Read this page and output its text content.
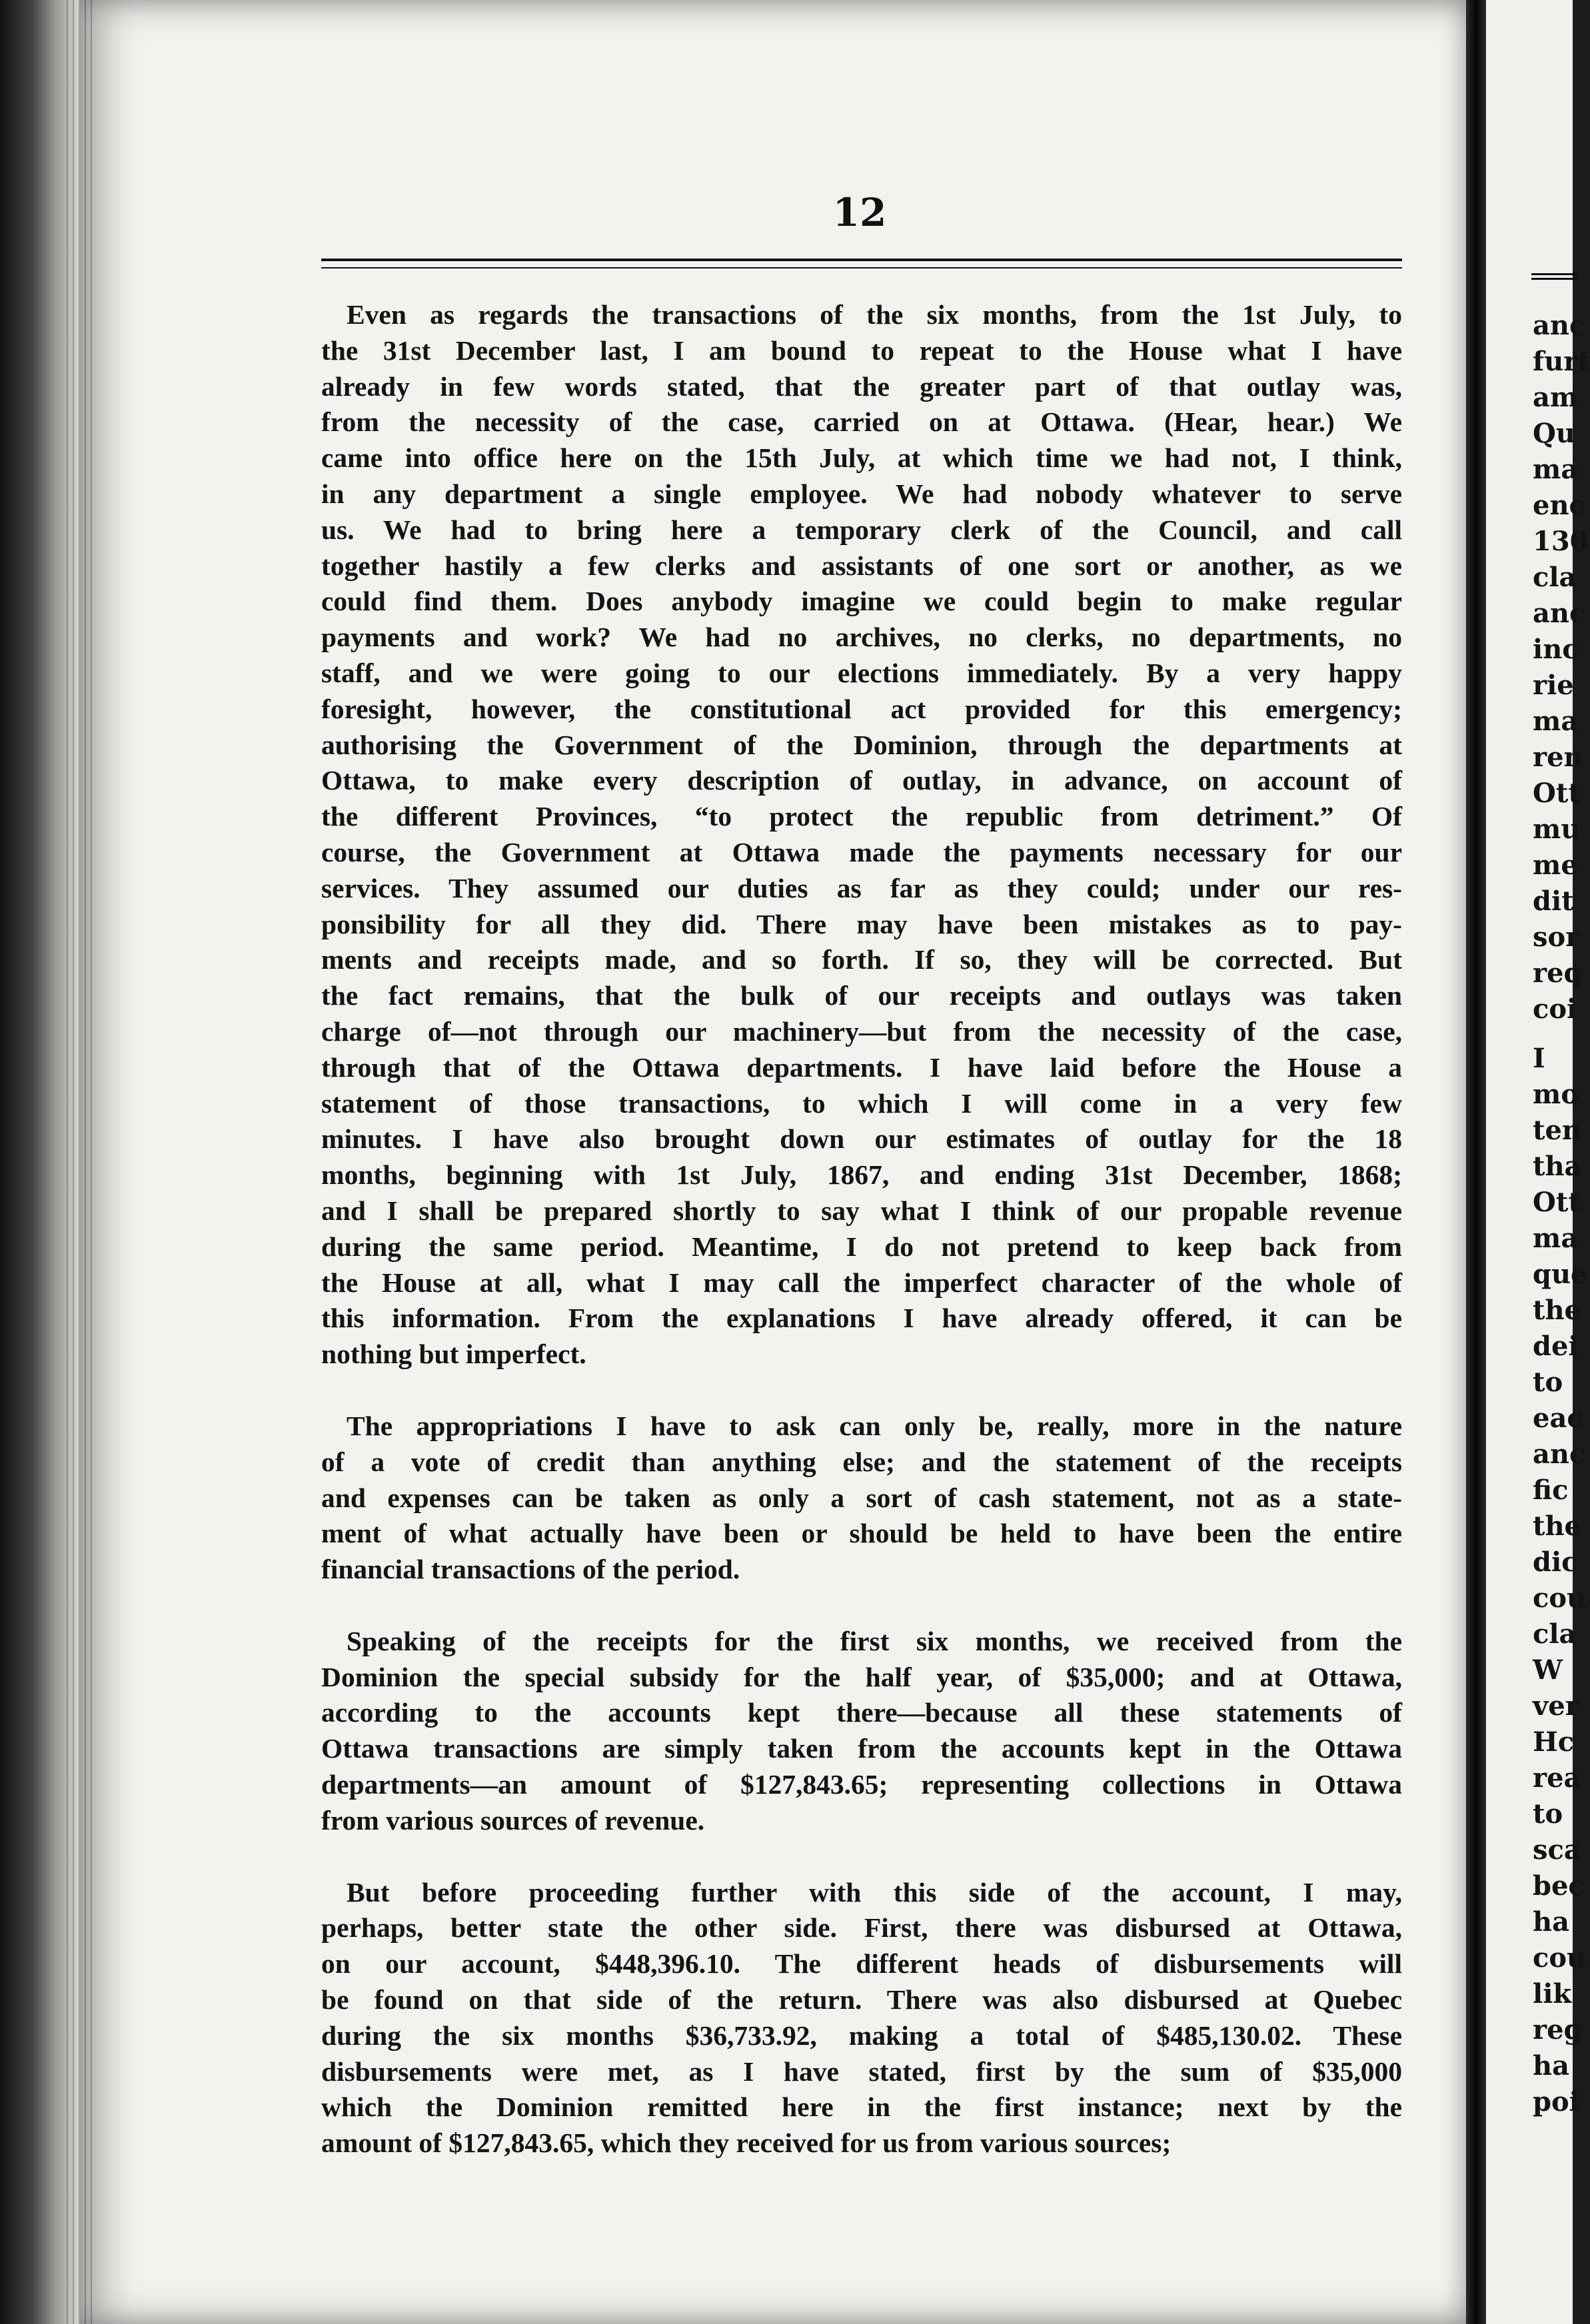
12
Even as regards the transactions of the six months, from the 1st July, to
the 31st December last, I am bound to repeat to the House what I have
already in few words stated, that the greater part of that outlay was,
from the necessity of the case, carried on at Ottawa. (Hear, hear.) We
came into office here on the 15th July, at which time we had not, I think,
in any department a single employee. We had nobody whatever to serve
us. We had to bring here a temporary clerk of the Council, and call
together hastily a few clerks and assistants of one sort or another, as we
could find them. Does anybody imagine we could begin to make regular
payments and work? We had no archives, no clerks, no departments, no
staff, and we were going to our elections immediately. By a very happy
foresight, however, the constitutional act provided for this emergency;
authorising the Government of the Dominion, through the departments at
Ottawa, to make every description of outlay, in advance, on account of
the different Provinces, “to protect the republic from detriment.” Of
course, the Government at Ottawa made the payments necessary for our
services. They assumed our duties as far as they could; under our res-
ponsibility for all they did. There may have been mistakes as to pay-
ments and receipts made, and so forth. If so, they will be corrected. But
the fact remains, that the bulk of our receipts and outlays was taken
charge of—not through our machinery—but from the necessity of the case,
through that of the Ottawa departments. I have laid before the House a
statement of those transactions, to which I will come in a very few
minutes. I have also brought down our estimates of outlay for the 18
months, beginning with 1st July, 1867, and ending 31st December, 1868;
and I shall be prepared shortly to say what I think of our propable revenue
during the same period. Meantime, I do not pretend to keep back from
the House at all, what I may call the imperfect character of the whole of
this information. From the explanations I have already offered, it can be
nothing but imperfect.
The appropriations I have to ask can only be, really, more in the nature
of a vote of credit than anything else; and the statement of the receipts
and expenses can be taken as only a sort of cash statement, not as a state-
ment of what actually have been or should be held to have been the entire
financial transactions of the period.
Speaking of the receipts for the first six months, we received from the
Dominion the special subsidy for the half year, of $35,000; and at Ottawa,
according to the accounts kept there—because all these statements of
Ottawa transactions are simply taken from the accounts kept in the Ottawa
departments—an amount of $127,843.65; representing collections in Ottawa
from various sources of revenue.
But before proceeding further with this side of the account, I may,
perhaps, better state the other side. First, there was disbursed at Ottawa,
on our account, $448,396.10. The different heads of disbursements will
be found on that side of the return. There was also disbursed at Quebec
during the six months $36,733.92, making a total of $485,130.02. These
disbursements were met, as I have stated, first by the sum of $35,000
which the Dominion remitted here in the first instance; next by the
amount of $127,843.65, which they received for us from various sources;
anc
furt
am
Qu
ma
enc
130
cla
anc
inc
rie
ma
ren
Ott
mu
me
dit
sor
req
coi
I
mo
ten
tha
Ott
ma
que
the
dei
to
eac
anc
fic
the
dic
cou
cla
W
ver
Hc
rea
to
sca
bec
ha
cou
lik
reg
ha
poi
